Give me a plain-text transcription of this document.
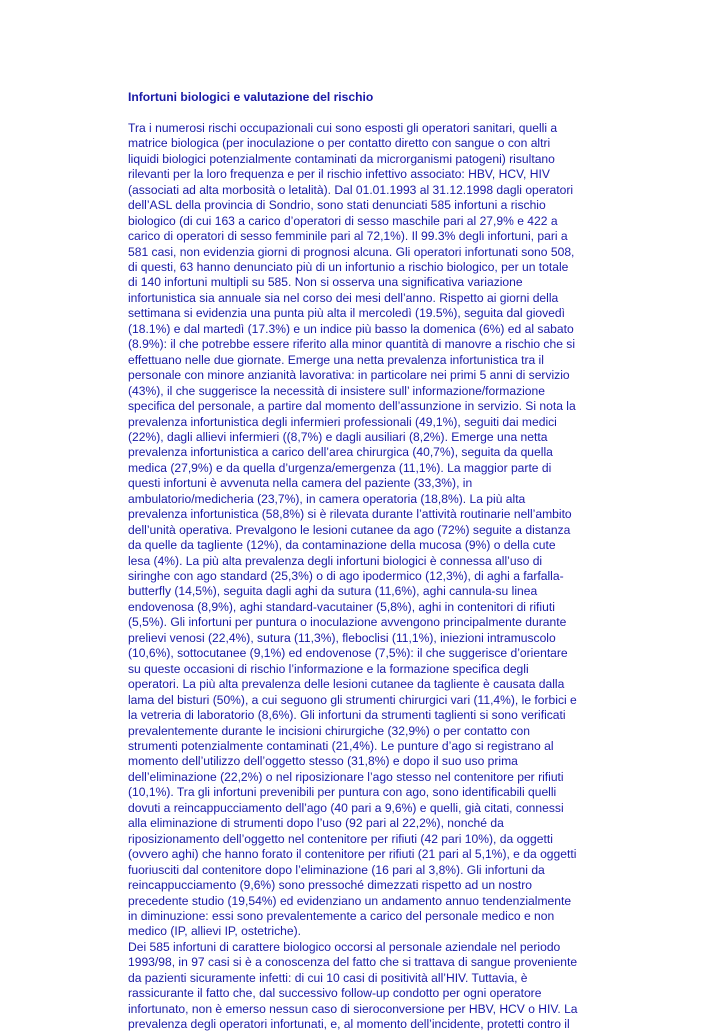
Infortuni biologici e valutazione del rischio
Tra i numerosi rischi occupazionali cui sono esposti gli operatori sanitari, quelli a
matrice biologica (per inoculazione o per contatto diretto con sangue o con altri
liquidi biologici potenzialmente contaminati da microrganismi patogeni) risultano
rilevanti per la loro frequenza e per il rischio infettivo associato: HBV, HCV, HIV
(associati ad alta morbosità o letalità). Dal 01.01.1993 al 31.12.1998 dagli operatori
dell’ASL della provincia di Sondrio, sono stati denunciati 585 infortuni a rischio
biologico (di cui 163 a carico d’operatori di sesso maschile pari al 27,9% e 422 a
carico di operatori di sesso femminile pari al 72,1%). Il 99.3% degli infortuni, pari a
581 casi, non evidenzia giorni di prognosi alcuna. Gli operatori infortunati sono 508,
di questi, 63 hanno denunciato più di un infortunio a rischio biologico, per un totale
di 140 infortuni multipli su 585. Non si osserva una significativa variazione
infortunistica sia annuale sia nel corso dei mesi dell’anno. Rispetto ai giorni della
settimana si evidenzia una punta più alta il mercoledì (19.5%), seguita dal giovedì
(18.1%) e dal martedì (17.3%) e un indice più basso la domenica (6%) ed al sabato
(8.9%): il che potrebbe essere riferito alla minor quantità di manovre a rischio che si
effettuano nelle due giornate. Emerge una netta prevalenza infortunistica tra il
personale con minore anzianità lavorativa: in particolare nei primi 5 anni di servizio
(43%), il che suggerisce la necessità di insistere sull’ informazione/formazione
specifica del personale, a partire dal momento dell’assunzione in servizio. Si nota la
prevalenza infortunistica degli infermieri professionali (49,1%), seguiti dai medici
(22%), dagli allievi infermieri ((8,7%) e dagli ausiliari (8,2%). Emerge una netta
prevalenza infortunistica a carico dell’area chirurgica (40,7%), seguita da quella
medica (27,9%) e da quella d’urgenza/emergenza (11,1%). La maggior parte di
questi infortuni è avvenuta nella camera del paziente (33,3%), in
ambulatorio/medicheria (23,7%), in camera operatoria (18,8%). La più alta
prevalenza infortunistica (58,8%) si è rilevata durante l’attività routinarie nell’ambito
dell’unità operativa. Prevalgono le lesioni cutanee da ago (72%) seguite a distanza
da quelle da tagliente (12%), da contaminazione della mucosa (9%) o della cute
lesa (4%). La più alta prevalenza degli infortuni biologici è connessa all’uso di
siringhe con ago standard (25,3%) o di ago ipodermico (12,3%), di aghi a farfalla-
butterfly (14,5%), seguita dagli aghi da sutura (11,6%), aghi cannula-su linea
endovenosa (8,9%), aghi standard-vacutainer (5,8%), aghi in contenitori di rifiuti
(5,5%). Gli infortuni per puntura o inoculazione avvengono principalmente durante
prelievi venosi (22,4%), sutura (11,3%), fleboclisi (11,1%), iniezioni intramuscolo
(10,6%), sottocutanee (9,1%) ed endovenose (7,5%): il che suggerisce d’orientare
su queste occasioni di rischio l’informazione e la formazione specifica degli
operatori. La più alta prevalenza delle lesioni cutanee da tagliente è causata dalla
lama del bisturi (50%), a cui seguono gli strumenti chirurgici vari (11,4%), le forbici e
la vetreria di laboratorio (8,6%). Gli infortuni da strumenti taglienti si sono verificati
prevalentemente durante le incisioni chirurgiche (32,9%) o per contatto con
strumenti potenzialmente contaminati (21,4%). Le punture d’ago si registrano al
momento dell’utilizzo dell’oggetto stesso (31,8%) e dopo il suo uso prima
dell’eliminazione (22,2%) o nel riposizionare l’ago stesso nel contenitore per rifiuti
(10,1%). Tra gli infortuni prevenibili per puntura con ago, sono identificabili quelli
dovuti a reincappucciamento dell’ago (40 pari a 9,6%) e quelli, già citati, connessi
alla eliminazione di strumenti dopo l’uso (92 pari al 22,2%), nonché da
riposizionamento dell’oggetto nel contenitore per rifiuti (42 pari 10%), da oggetti
(ovvero aghi) che hanno forato il contenitore per rifiuti (21 pari al 5,1%), e da oggetti
fuoriusciti dal contenitore dopo l’eliminazione (16 pari al 3,8%). Gli infortuni da
reincappucciamento (9,6%) sono pressoché dimezzati rispetto ad un nostro
precedente studio (19,54%) ed evidenziano un andamento annuo tendenzialmente
in diminuzione: essi sono prevalentemente a carico del personale medico e non
medico (IP, allievi IP, ostetriche).
Dei 585 infortuni di carattere biologico occorsi al personale aziendale nel periodo
1993/98, in 97 casi si è a conoscenza del fatto che si trattava di sangue proveniente
da pazienti sicuramente infetti: di cui 10 casi di positività all’HIV. Tuttavia, è
rassicurante il fatto che, dal successivo follow-up condotto per ogni operatore
infortunato, non è emerso nessun caso di sieroconversione per HBV, HCV o HIV. La
prevalenza degli operatori infortunati, e, al momento dell’incidente, protetti contro il
